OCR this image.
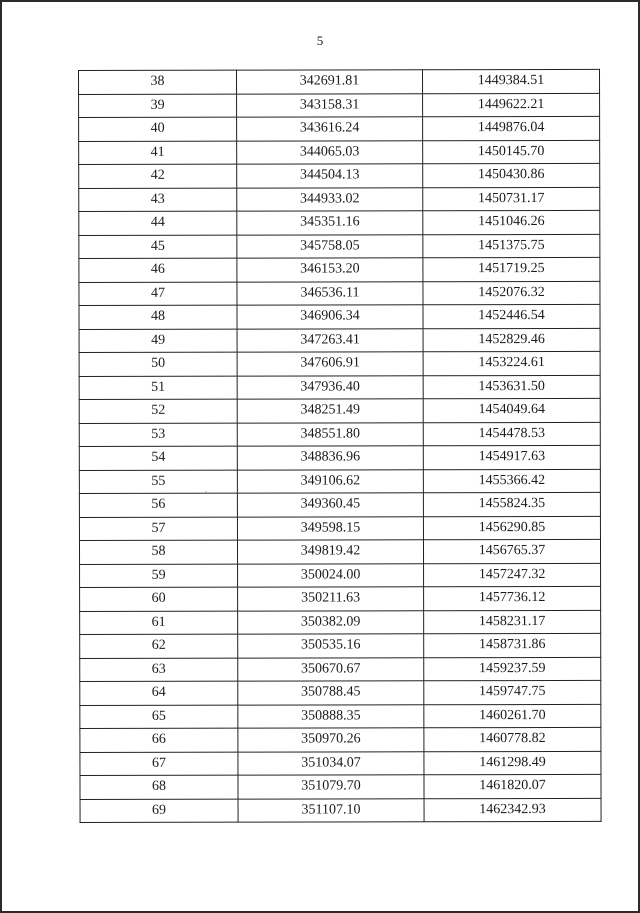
5
38	342691.81	1449384.51
39	343158.31	1449622.21
40	343616.24	1449876.04
41	344065.03	1450145.70
42	344504.13	1450430.86
43	344933.02	1450731.17
44	345351.16	1451046.26
45	345758.05	1451375.75
46	346153.20	1451719.25
47	346536.11	1452076.32
48	346906.34	1452446.54
49	347263.41	1452829.46
50	347606.91	1453224.61
51	347936.40	1453631.50
52	348251.49	1454049.64
53	348551.80	1454478.53
54	348836.96	1454917.63
55	349106.62	1455366.42
56	349360.45	1455824.35
57	349598.15	1456290.85
58	349819.42	1456765.37
59	350024.00	1457247.32
60	350211.63	1457736.12
61	350382.09	1458231.17
62	350535.16	1458731.86
63	350670.67	1459237.59
64	350788.45	1459747.75
65	350888.35	1460261.70
66	350970.26	1460778.82
67	351034.07	1461298.49
68	351079.70	1461820.07
69	351107.10	1462342.93
